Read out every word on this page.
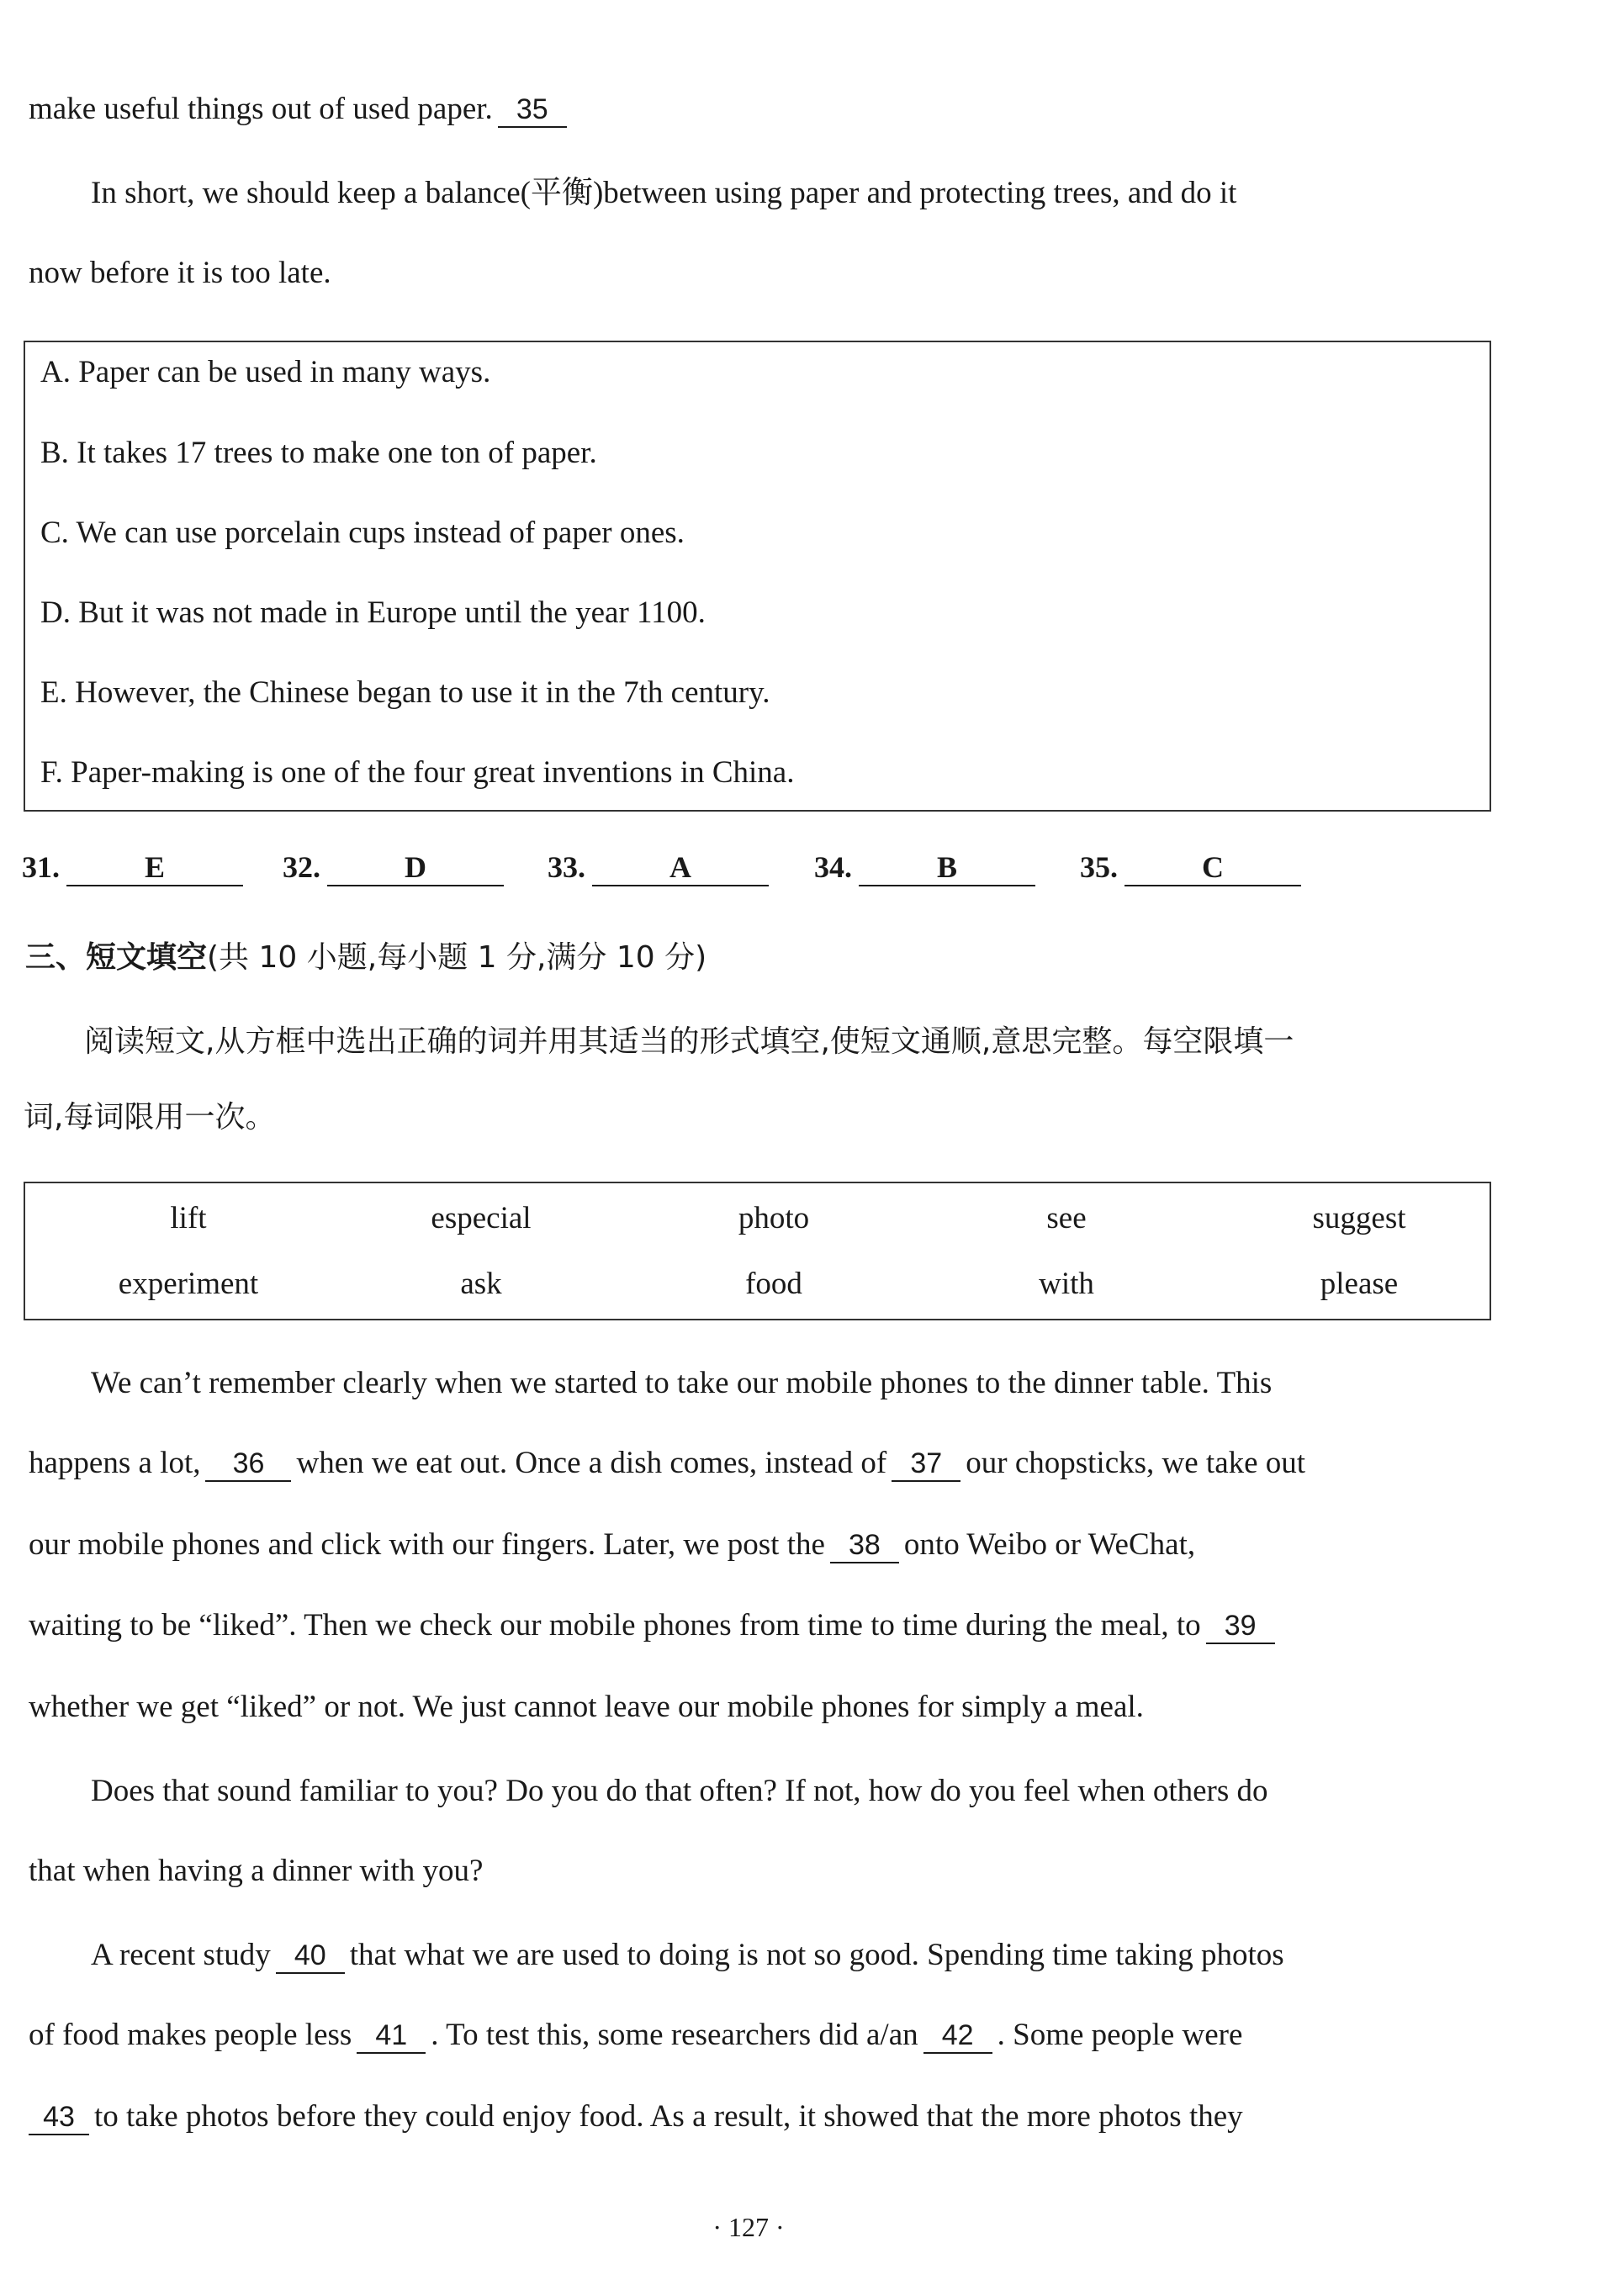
make useful things out of used paper. 35
In short, we should keep a balance(平衡)between using paper and protecting trees, and do it
now before it is too late.
A. Paper can be used in many ways.
B. It takes 17 trees to make one ton of paper.
C. We can use porcelain cups instead of paper ones.
D. But it was not made in Europe until the year 1100.
E. However, the Chinese began to use it in the 7th century.
F. Paper-making is one of the four great inventions in China.
31.	E	32.	D	33.	A	34.	B	35.	C
三、短文填空(共 10 小题,每小题 1 分,满分 10 分)
阅读短文,从方框中选出正确的词并用其适当的形式填空,使短文通顺,意思完整。每空限填一
词,每词限用一次。
lift	especial	photo	see	suggest
experiment	ask	food	with	please
We can’t remember clearly when we started to take our mobile phones to the dinner table. This
happens a lot, 36 when we eat out. Once a dish comes, instead of 37 our chopsticks, we take out
our mobile phones and click with our fingers. Later, we post the 38 onto Weibo or WeChat,
waiting to be “liked”. Then we check our mobile phones from time to time during the meal, to 39
whether we get “liked” or not. We just cannot leave our mobile phones for simply a meal.
Does that sound familiar to you? Do you do that often? If not, how do you feel when others do
that when having a dinner with you?
A recent study 40 that what we are used to doing is not so good. Spending time taking photos
of food makes people less 41 . To test this, some researchers did a/an 42 . Some people were
43 to take photos before they could enjoy food. As a result, it showed that the more photos they
· 127 ·
